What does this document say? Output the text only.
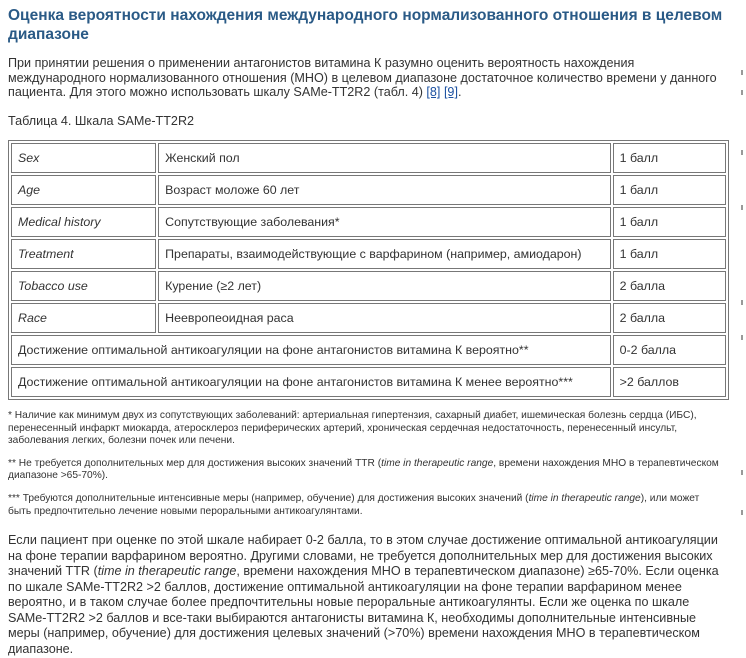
Оценка вероятности нахождения международного нормализованного отношения в целевом диапазоне

При принятии решения о применении антагонистов витамина К разумно оценить вероятность нахождения международного нормализованного отношения (МНО) в целевом диапазоне достаточное количество времени у данного пациента. Для этого можно использовать шкалу SAMe-TT2R2 (табл. 4) [8] [9].

Таблица 4. Шкала SAMe-TT2R2

Sex	Женский пол	1 балл
Age	Возраст моложе 60 лет	1 балл
Medical history	Сопутствующие заболевания*	1 балл
Treatment	Препараты, взаимодействующие с варфарином (например, амиодарон)	1 балл
Tobacco use	Курение (≥2 лет)	2 балла
Race	Неевропеоидная раса	2 балла
Достижение оптимальной антикоагуляции на фоне антагонистов витамина К вероятно**		0-2 балла
Достижение оптимальной антикоагуляции на фоне антагонистов витамина К менее вероятно***		>2 баллов

* Наличие как минимум двух из сопутствующих заболеваний: артериальная гипертензия, сахарный диабет, ишемическая болезнь сердца (ИБС), перенесенный инфаркт миокарда, атеросклероз периферических артерий, хроническая сердечная недостаточность, перенесенный инсульт, заболевания легких, болезни почек или печени.

** Не требуется дополнительных мер для достижения высоких значений TTR (time in therapeutic range, времени нахождения МНО в терапевтическом диапазоне >65-70%).

*** Требуются дополнительные интенсивные меры (например, обучение) для достижения высоких значений (time in therapeutic range), или может быть предпочтительно лечение новыми пероральными антикоагулянтами.

Если пациент при оценке по этой шкале набирает 0-2 балла, то в этом случае достижение оптимальной антикоагуляции на фоне терапии варфарином вероятно. Другими словами, не требуется дополнительных мер для достижения высоких значений TTR (time in therapeutic range, времени нахождения МНО в терапевтическом диапазоне) ≥65-70%. Если оценка по шкале SAMe-TT2R2 >2 баллов, достижение оптимальной антикоагуляции на фоне терапии варфарином менее вероятно, и в таком случае более предпочтительны новые пероральные антикоагулянты. Если же оценка по шкале SAMe-TT2R2 >2 баллов и все-таки выбираются антагонисты витамина К, необходимы дополнительные интенсивные меры (например, обучение) для достижения целевых значений (>70%) времени нахождения МНО в терапевтическом диапазоне.
